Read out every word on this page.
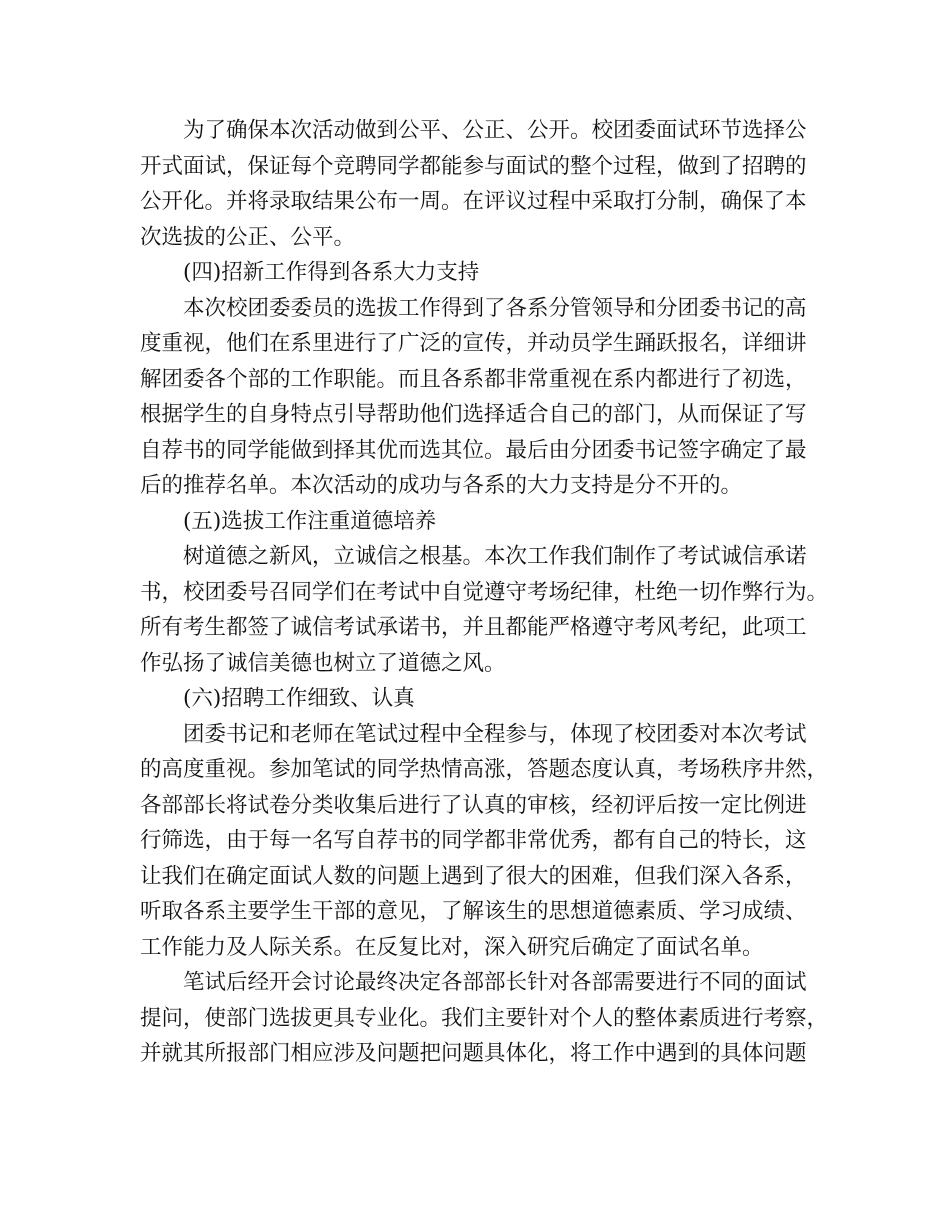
为了确保本次活动做到公平、公正、公开。校团委面试环节选择公
开式面试，保证每个竞聘同学都能参与面试的整个过程，做到了招聘的
公开化。并将录取结果公布一周。在评议过程中采取打分制，确保了本
次选拔的公正、公平。
(四)招新工作得到各系大力支持
本次校团委委员的选拔工作得到了各系分管领导和分团委书记的高
度重视，他们在系里进行了广泛的宣传，并动员学生踊跃报名，详细讲
解团委各个部的工作职能。而且各系都非常重视在系内都进行了初选，
根据学生的自身特点引导帮助他们选择适合自己的部门，从而保证了写
自荐书的同学能做到择其优而选其位。最后由分团委书记签字确定了最
后的推荐名单。本次活动的成功与各系的大力支持是分不开的。
(五)选拔工作注重道德培养
树道德之新风，立诚信之根基。本次工作我们制作了考试诚信承诺
书，校团委号召同学们在考试中自觉遵守考场纪律，杜绝一切作弊行为。
所有考生都签了诚信考试承诺书，并且都能严格遵守考风考纪，此项工
作弘扬了诚信美德也树立了道德之风。
(六)招聘工作细致、认真
团委书记和老师在笔试过程中全程参与，体现了校团委对本次考试
的高度重视。参加笔试的同学热情高涨，答题态度认真，考场秩序井然，
各部部长将试卷分类收集后进行了认真的审核，经初评后按一定比例进
行筛选，由于每一名写自荐书的同学都非常优秀，都有自己的特长，这
让我们在确定面试人数的问题上遇到了很大的困难，但我们深入各系，
听取各系主要学生干部的意见，了解该生的思想道德素质、学习成绩、
工作能力及人际关系。在反复比对，深入研究后确定了面试名单。
笔试后经开会讨论最终决定各部部长针对各部需要进行不同的面试
提问，使部门选拔更具专业化。我们主要针对个人的整体素质进行考察，
并就其所报部门相应涉及问题把问题具体化，将工作中遇到的具体问题
